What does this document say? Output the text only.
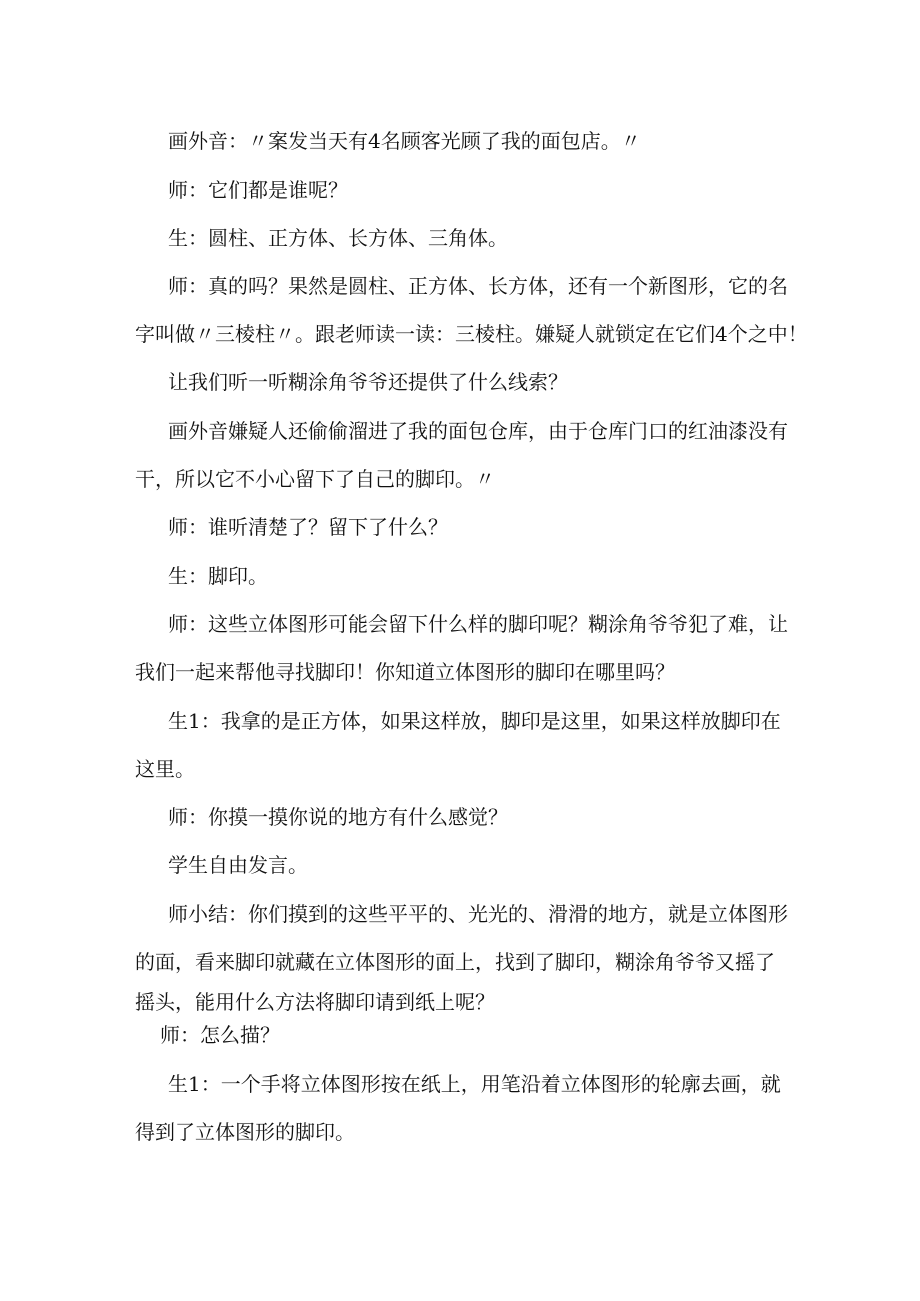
画外音：〃案发当天有4名顾客光顾了我的面包店。〃
师：它们都是谁呢？
生：圆柱、正方体、长方体、三角体。
师：真的吗？果然是圆柱、正方体、长方体，还有一个新图形，它的名
字叫做〃三棱柱〃。跟老师读一读：三棱柱。嫌疑人就锁定在它们4个之中！
让我们听一听糊涂角爷爷还提供了什么线索？
画外音嫌疑人还偷偷溜进了我的面包仓库，由于仓库门口的红油漆没有
干，所以它不小心留下了自己的脚印。〃
师：谁听清楚了？留下了什么？
生：脚印。
师：这些立体图形可能会留下什么样的脚印呢？糊涂角爷爷犯了难，让
我们一起来帮他寻找脚印！你知道立体图形的脚印在哪里吗？
生1：我拿的是正方体，如果这样放，脚印是这里，如果这样放脚印在
这里。
师：你摸一摸你说的地方有什么感觉？
学生自由发言。
师小结：你们摸到的这些平平的、光光的、滑滑的地方，就是立体图形
的面，看来脚印就藏在立体图形的面上，找到了脚印，糊涂角爷爷又摇了
摇头，能用什么方法将脚印请到纸上呢？
师：怎么描？
生1：一个手将立体图形按在纸上，用笔沿着立体图形的轮廓去画，就
得到了立体图形的脚印。
